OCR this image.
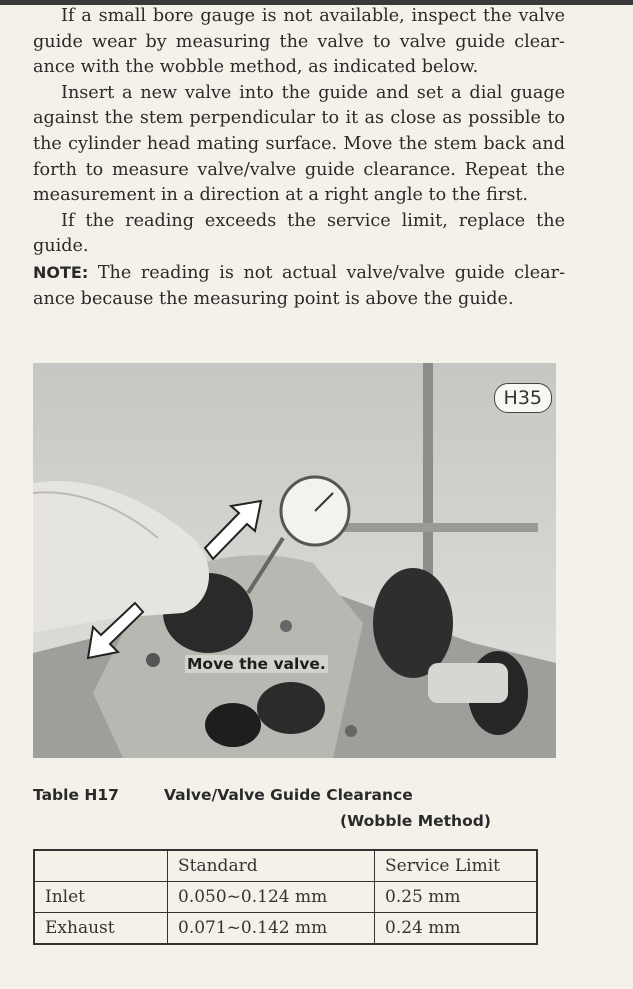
If a small bore gauge is not available, inspect the valve guide wear by measuring the valve to valve guide clearance with the wobble method, as indicated below.

Insert a new valve into the guide and set a dial guage against the stem perpendicular to it as close as possible to the cylinder head mating surface. Move the stem back and forth to measure valve/valve guide clearance. Repeat the measurement in a direction at a right angle to the first.

If the reading exceeds the service limit, replace the guide.

NOTE: The reading is not actual valve/valve guide clearance because the measuring point is above the guide.

H35
Move the valve.
Table H17	Valve/Valve Guide Clearance
(Wobble Method)
	Standard	Service Limit
Inlet	0.050~0.124 mm	0.25 mm
Exhaust	0.071~0.142 mm	0.24 mm
